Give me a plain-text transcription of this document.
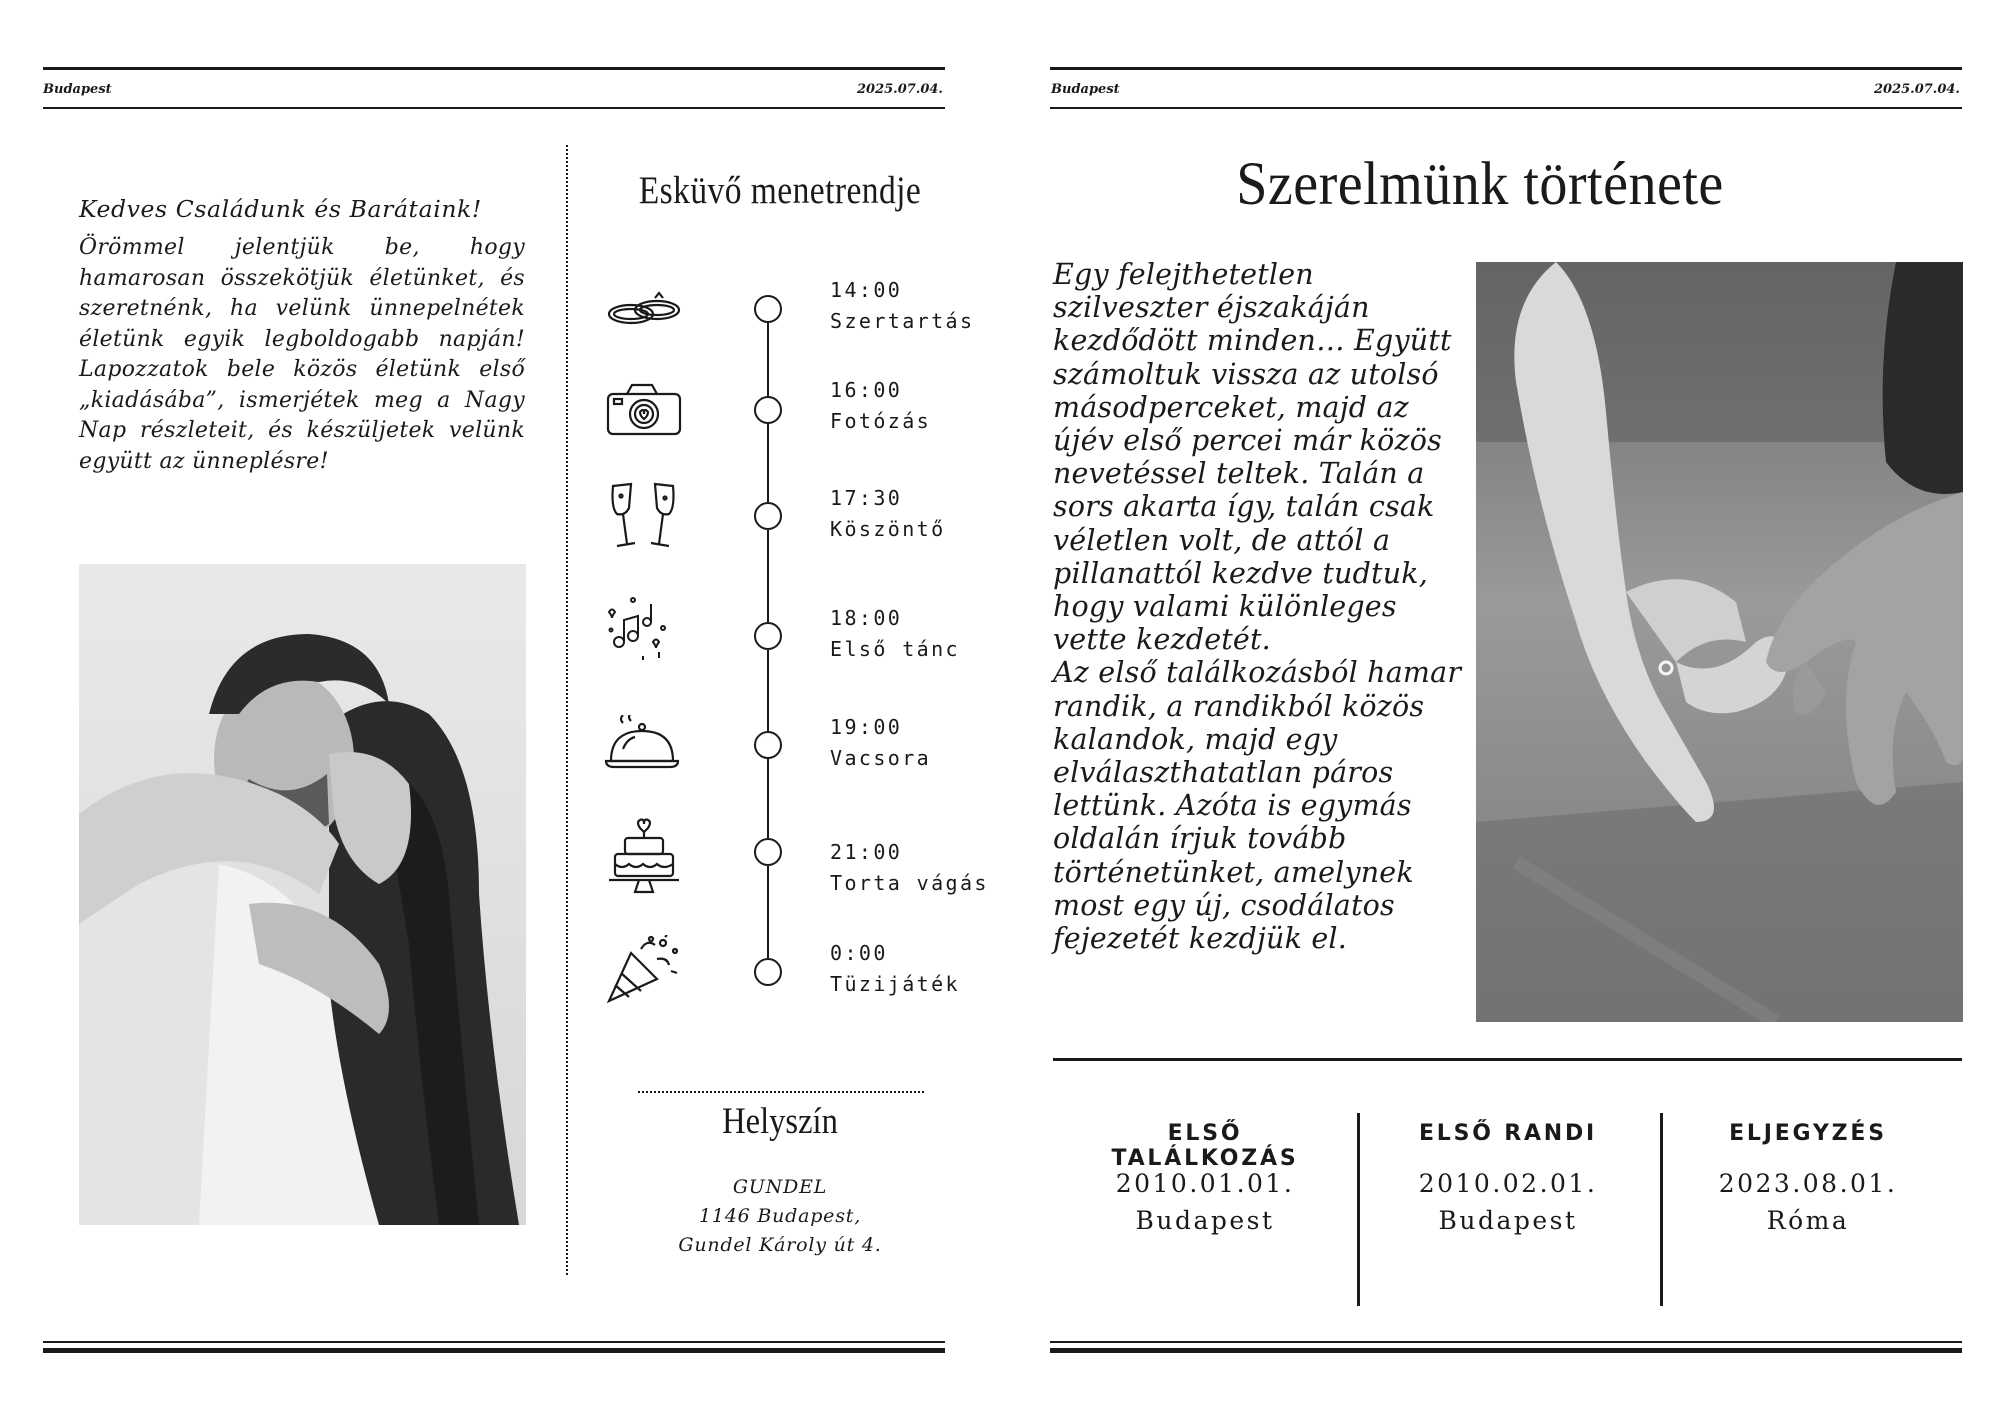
Budapest	2025.07.04.
Kedves Családunk és Barátaink!
Örömmel jelentjük be, hogy hamarosan összekötjük életünket, és szeretnénk, ha velünk ünnepelnétek életünk egyik legboldogabb napján! Lapozzatok bele közös életünk első „kiadásába”, ismerjétek meg a Nagy Nap részleteit, és készüljetek velünk együtt az ünneplésre!
Esküvő menetrendje
14:00
Szertartás
16:00
Fotózás
17:30
Köszöntő
18:00
Első tánc
19:00
Vacsora
21:00
Torta vágás
0:00
Tüzijáték
Helyszín
GUNDEL
1146 Budapest,
Gundel Károly út 4.
Budapest	2025.07.04.
Szerelmünk története
Egy felejthetetlen szilveszter éjszakáján kezdődött minden… Együtt számoltuk vissza az utolsó másodperceket, majd az újév első percei már közös nevetéssel teltek. Talán a sors akarta így, talán csak véletlen volt, de attól a pillanattól kezdve tudtuk, hogy valami különleges vette kezdetét.
Az első találkozásból hamar randik, a randikból közös kalandok, majd egy elválaszthatatlan páros lettünk. Azóta is egymás oldalán írjuk tovább történetünket, amelynek most egy új, csodálatos fejezetét kezdjük el.
ELSŐ TALÁLKOZÁS
2010.01.01.
Budapest
ELSŐ RANDI
2010.02.01.
Budapest
ELJEGYZÉS
2023.08.01.
Róma
